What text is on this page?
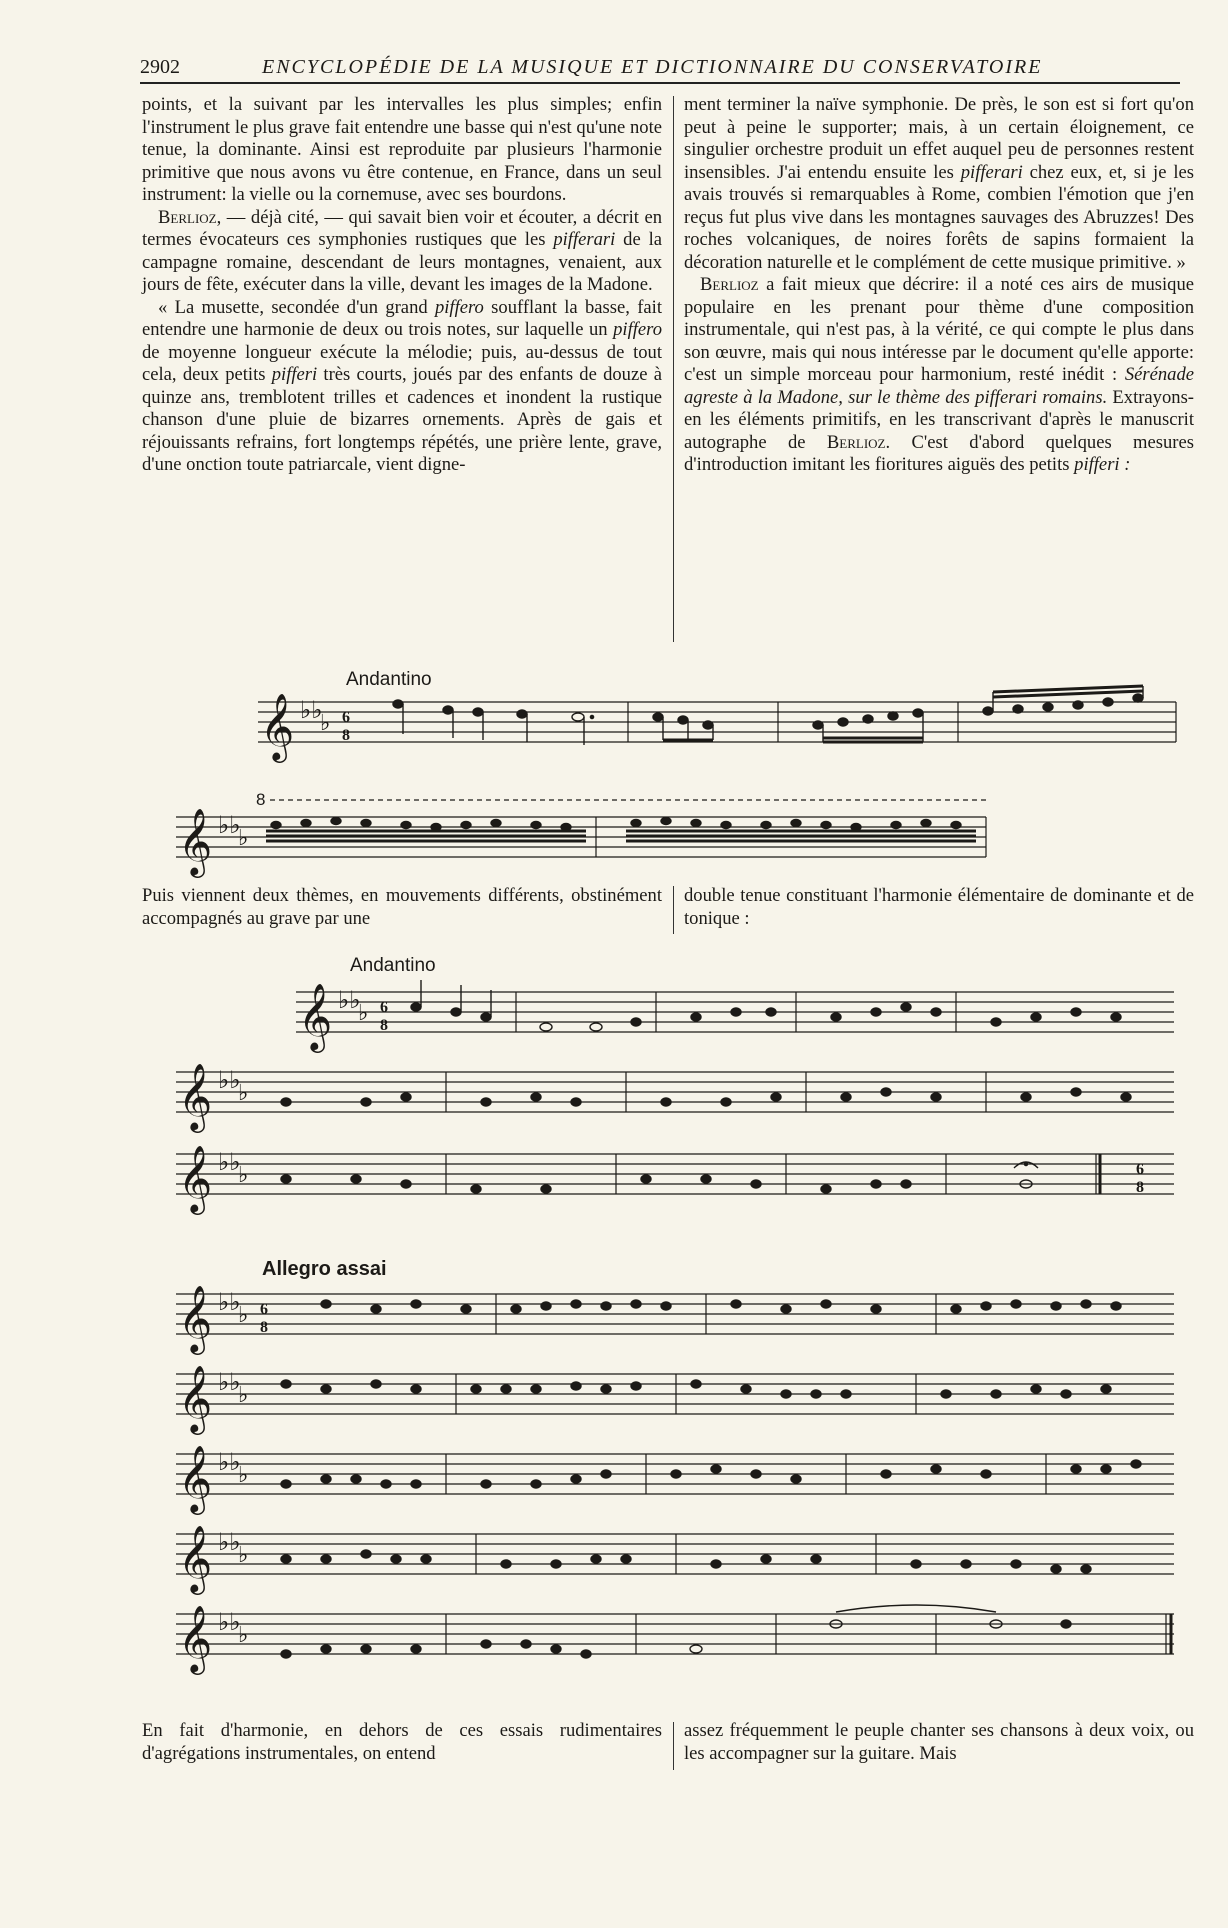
2902	ENCYCLOPÉDIE DE LA MUSIQUE ET DICTIONNAIRE DU CONSERVATOIRE

points, et la suivant par les intervalles les plus simples; enfin l'instrument le plus grave fait entendre une basse qui n'est qu'une note tenue, la dominante. Ainsi est reproduite par plusieurs l'harmonie primitive que nous avons vu être contenue, en France, dans un seul instrument: la vielle ou la cornemuse, avec ses bourdons.

Berlioz, — déjà cité, — qui savait bien voir et écouter, a décrit en termes évocateurs ces symphonies rustiques que les pifferari de la campagne romaine, descendant de leurs montagnes, venaient, aux jours de fête, exécuter dans la ville, devant les images de la Madone.

« La musette, secondée d'un grand piffero soufflant la basse, fait entendre une harmonie de deux ou trois notes, sur laquelle un piffero de moyenne longueur exécute la mélodie; puis, au-dessus de tout cela, deux petits pifferi très courts, joués par des enfants de douze à quinze ans, tremblotent trilles et cadences et inondent la rustique chanson d'une pluie de bizarres ornements. Après de gais et réjouissants refrains, fort longtemps répétés, une prière lente, grave, d'une onction toute patriarcale, vient digne-

ment terminer la naïve symphonie. De près, le son est si fort qu'on peut à peine le supporter; mais, à un certain éloignement, ce singulier orchestre produit un effet auquel peu de personnes restent insensibles. J'ai entendu ensuite les pifferari chez eux, et, si je les avais trouvés si remarquables à Rome, combien l'émotion que j'en reçus fut plus vive dans les montagnes sauvages des Abruzzes! Des roches volcaniques, de noires forêts de sapins formaient la décoration naturelle et le complément de cette musique primitive. »

Berlioz a fait mieux que décrire: il a noté ces airs de musique populaire en les prenant pour thème d'une composition instrumentale, qui n'est pas, à la vérité, ce qui compte le plus dans son œuvre, mais qui nous intéresse par le document qu'elle apporte: c'est un simple morceau pour harmonium, resté inédit : Sérénade agreste à la Madone, sur le thème des pifferari romains. Extrayons-en les éléments primitifs, en les transcrivant d'après le manuscrit autographe de Berlioz. C'est d'abord quelques mesures d'introduction imitant les fioritures aiguës des petits pifferi :

Andantino
𝄞 ♭♭
♭ 6
8
8
𝄞 ♭♭
♭
Puis viennent deux thèmes, en mouvements différents, obstinément accompagnés au grave par une
double tenue constituant l'harmonie élémentaire de dominante et de tonique :
Andantino
𝄞 ♭♭
♭ 6
8
𝄞 ♭♭
♭
𝄞 ♭♭
♭	6
8
Allegro assai
𝄞 ♭♭
♭ 6
8
𝄞 ♭♭
♭
𝄞 ♭♭
♭
𝄞 ♭♭
♭
𝄞 ♭♭
♭
En fait d'harmonie, en dehors de ces essais rudimentaires d'agrégations instrumentales, on entend
assez fréquemment le peuple chanter ses chansons à deux voix, ou les accompagner sur la guitare. Mais
